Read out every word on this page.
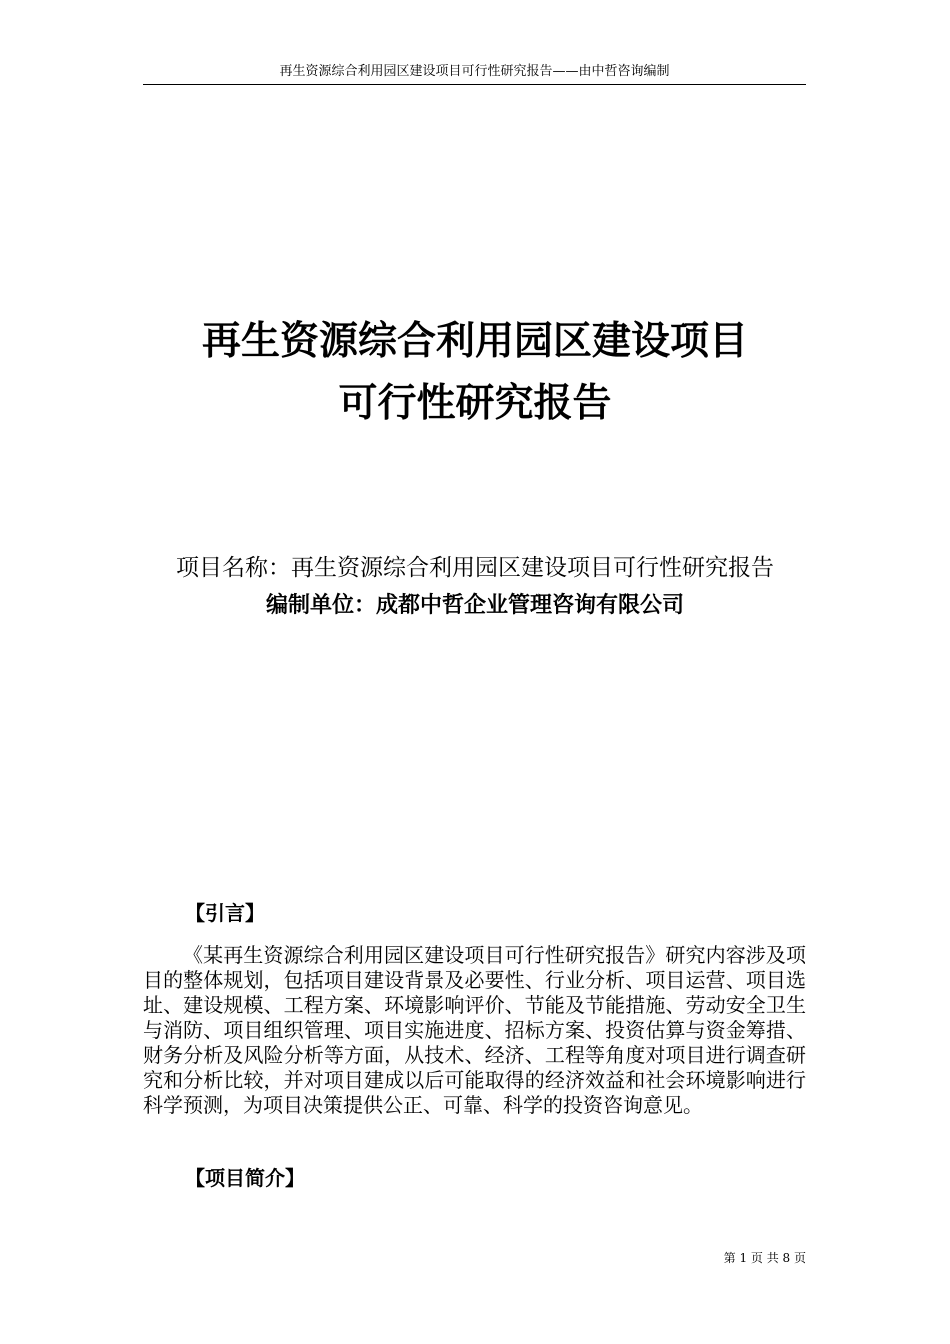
再生资源综合利用园区建设项目可行性研究报告——由中哲咨询编制
再生资源综合利用园区建设项目
可行性研究报告
项目名称：再生资源综合利用园区建设项目可行性研究报告
编制单位：成都中哲企业管理咨询有限公司
【引言】

《某再生资源综合利用园区建设项目可行性研究报告》研究内容涉及项目的整体规划，包括项目建设背景及必要性、行业分析、项目运营、项目选址、建设规模、工程方案、环境影响评价、节能及节能措施、劳动安全卫生与消防、项目组织管理、项目实施进度、招标方案、投资估算与资金筹措、财务分析及风险分析等方面，从技术、经济、工程等角度对项目进行调查研究和分析比较，并对项目建成以后可能取得的经济效益和社会环境影响进行科学预测，为项目决策提供公正、可靠、科学的投资咨询意见。

【项目简介】
第 1 页 共 8 页
